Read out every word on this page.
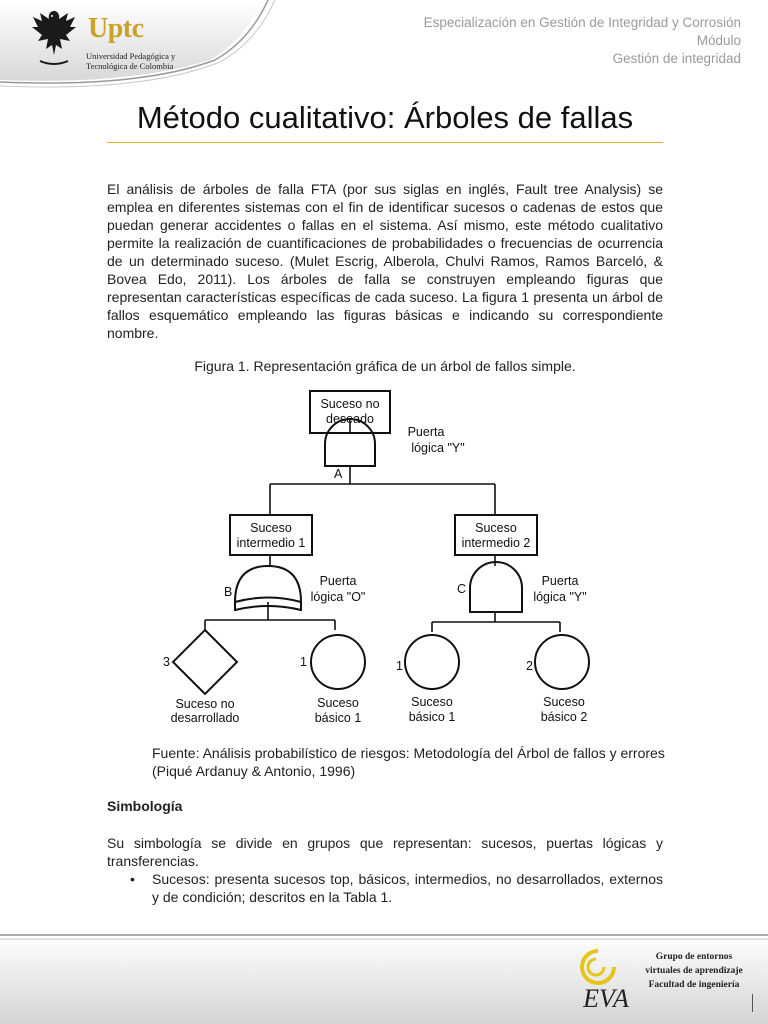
Uptc
Universidad Pedagógica y Tecnológica de Colombia
Especialización en Gestión de Integridad y Corrosión
Módulo
Gestión de integridad
Método cualitativo: Árboles de fallas
El análisis de árboles de falla FTA (por sus siglas en inglés, Fault tree Analysis) se emplea en diferentes sistemas con el fin de identificar sucesos o cadenas de estos que puedan generar accidentes o fallas en el sistema. Así mismo, este método cualitativo permite la realización de cuantificaciones de probabilidades o frecuencias de ocurrencia de un determinado suceso. (Mulet Escrig, Alberola, Chulvi Ramos, Ramos Barceló, & Bovea Edo, 2011). Los árboles de falla se construyen empleando figuras que representan características específicas de cada suceso. La figura 1 presenta un árbol de fallos esquemático empleando las figuras básicas e indicando su correspondiente nombre.
Figura 1. Representación gráfica de un árbol de fallos simple.
Suceso no
deseado
A
Puerta
lógica "Y"
Suceso
intermedio 1
Suceso
intermedio 2
B
Puerta
lógica "O"
C
Puerta
lógica "Y"
3	1	1	2
Suceso no
desarrollado
Suceso
básico 1
Suceso
básico 1
Suceso
básico 2
Fuente: Análisis probabilístico de riesgos: Metodología del Árbol de fallos y errores (Piqué Ardanuy & Antonio, 1996)
Simbología
Su simbología se divide en grupos que representan: sucesos, puertas lógicas y transferencias.
• Sucesos: presenta sucesos top, básicos, intermedios, no desarrollados, externos y de condición; descritos en la Tabla 1.
EVA
Grupo de entornos
virtuales de aprendizaje
Facultad de ingeniería
